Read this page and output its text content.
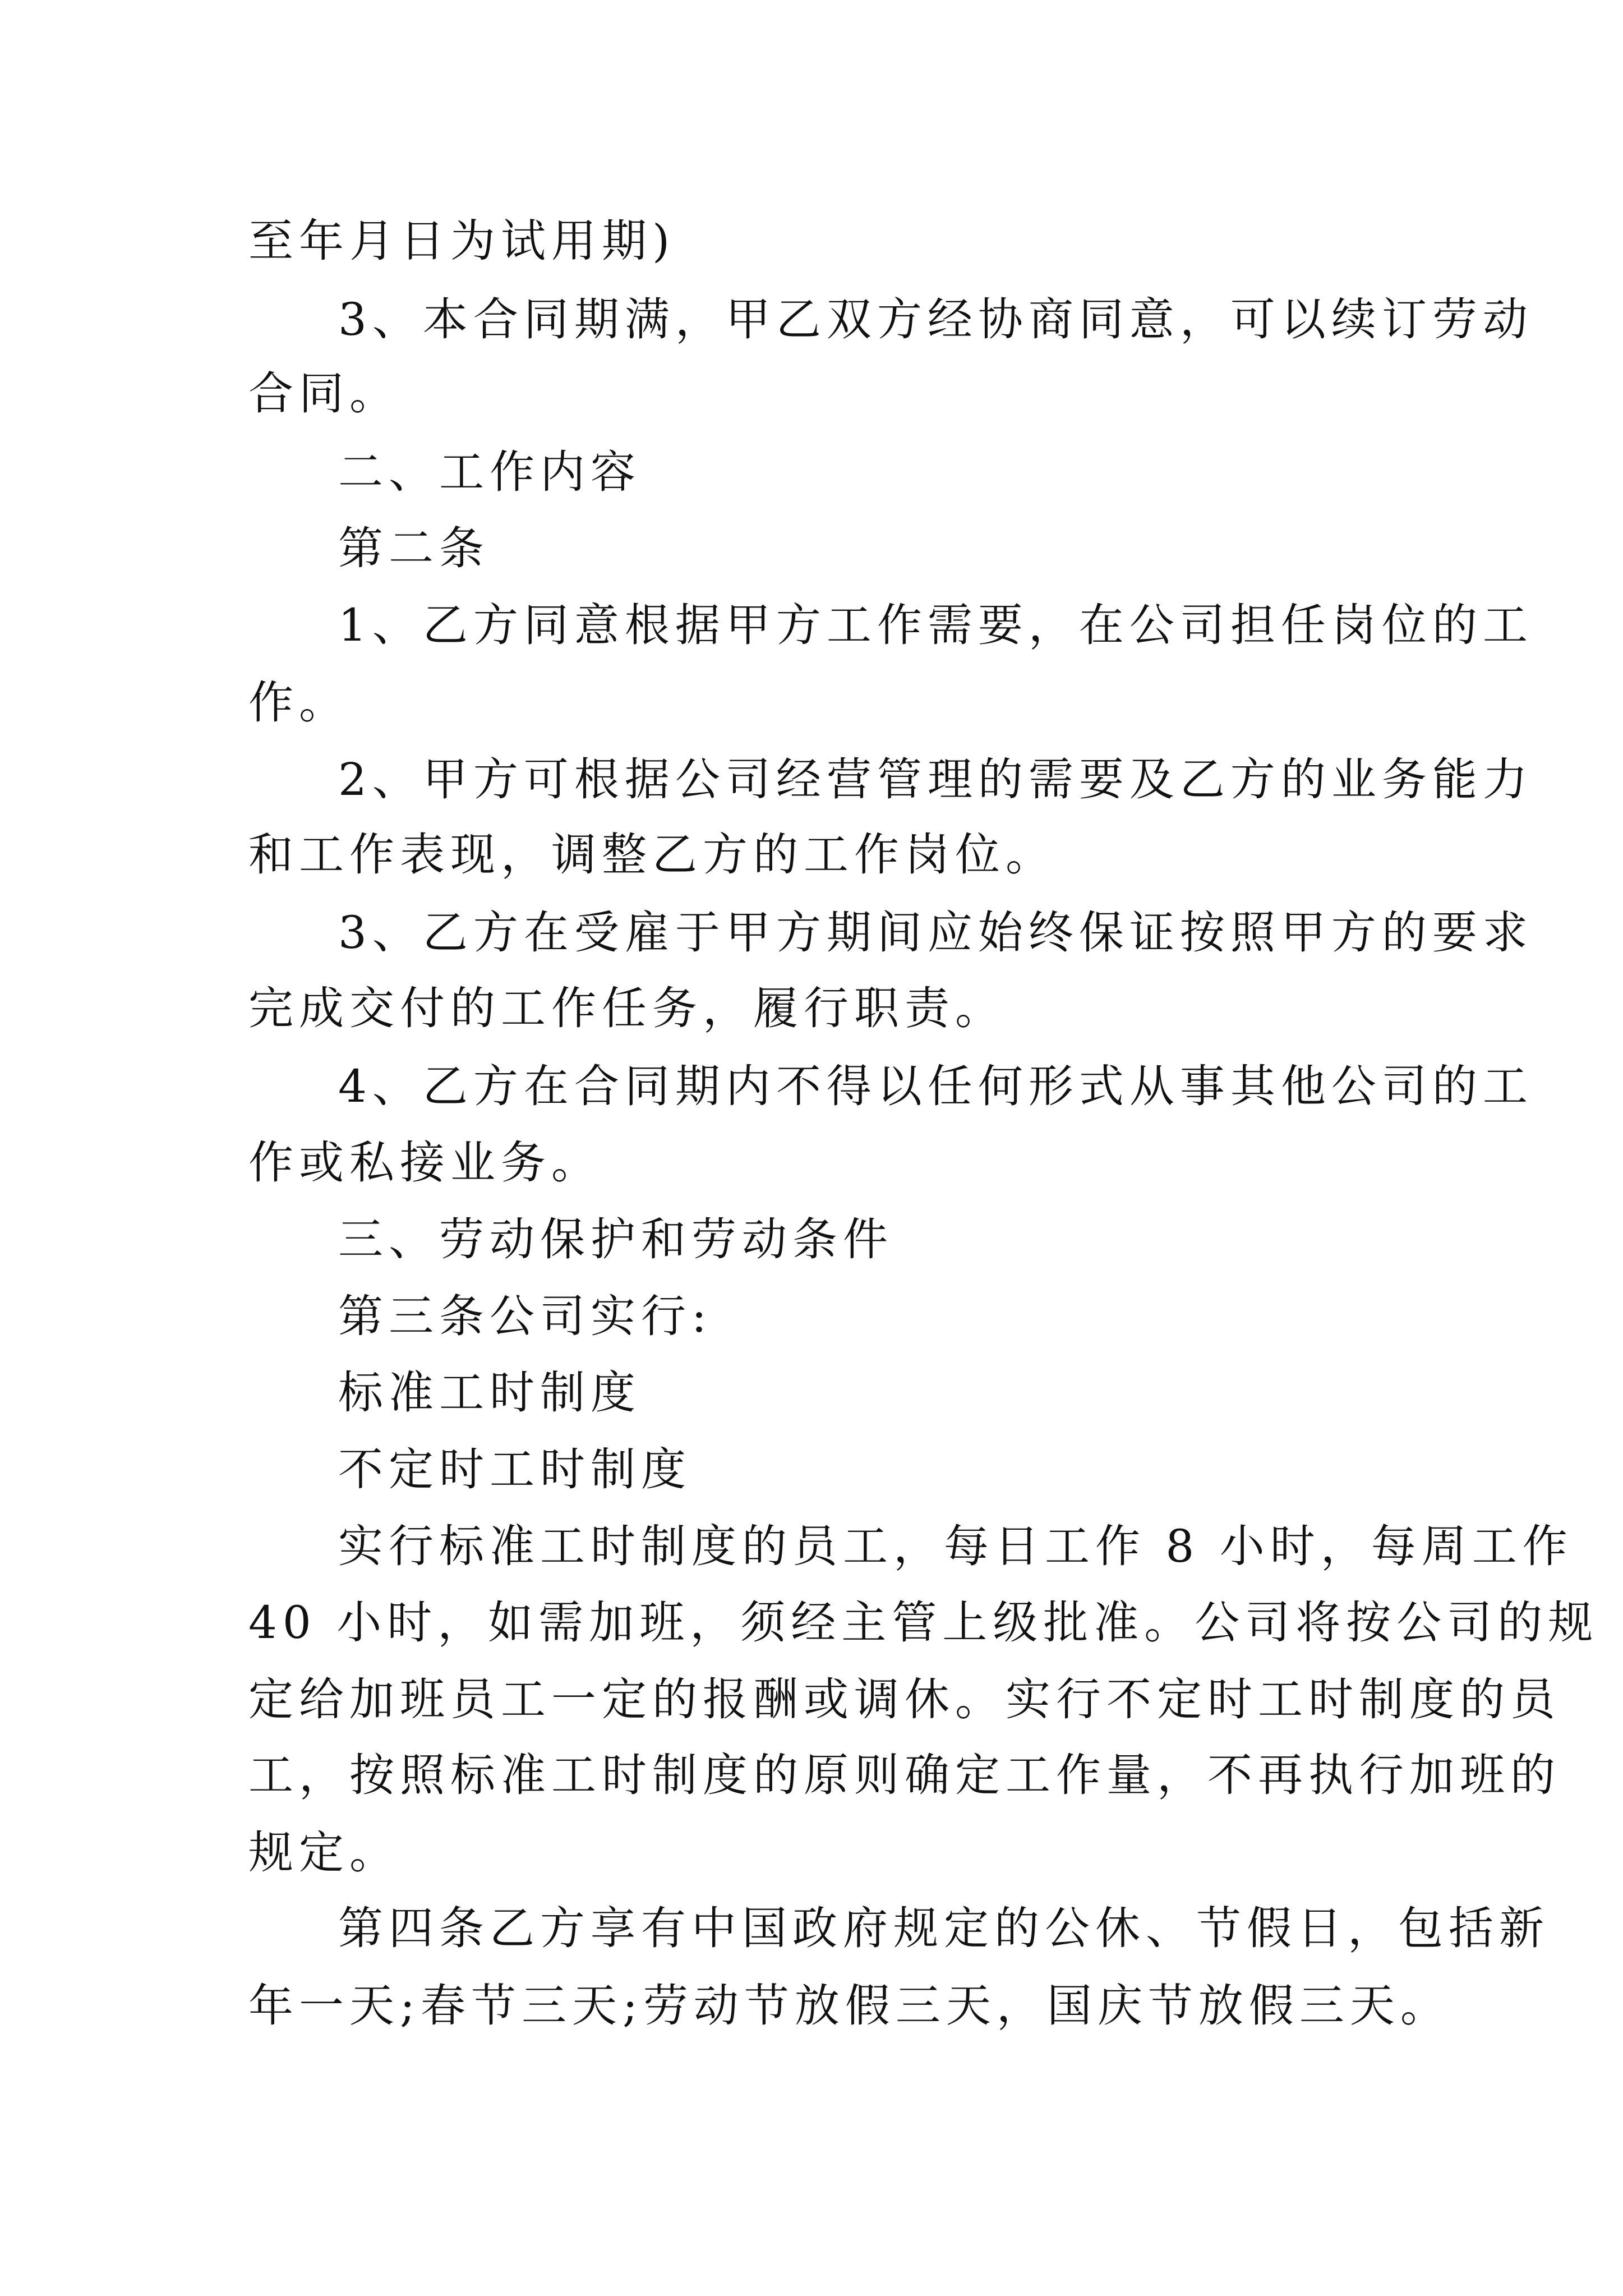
至年月日为试用期)
3、本合同期满，甲乙双方经协商同意，可以续订劳动
合同。
二、工作内容
第二条
1、乙方同意根据甲方工作需要，在公司担任岗位的工
作。
2、甲方可根据公司经营管理的需要及乙方的业务能力
和工作表现，调整乙方的工作岗位。
3、乙方在受雇于甲方期间应始终保证按照甲方的要求
完成交付的工作任务，履行职责。
4、乙方在合同期内不得以任何形式从事其他公司的工
作或私接业务。
三、劳动保护和劳动条件
第三条公司实行:
标准工时制度
不定时工时制度
实行标准工时制度的员工，每日工作 8 小时，每周工作
40 小时，如需加班，须经主管上级批准。公司将按公司的规
定给加班员工一定的报酬或调休。实行不定时工时制度的员
工，按照标准工时制度的原则确定工作量，不再执行加班的
规定。
第四条乙方享有中国政府规定的公休、节假日，包括新
年一天;春节三天;劳动节放假三天，国庆节放假三天。
